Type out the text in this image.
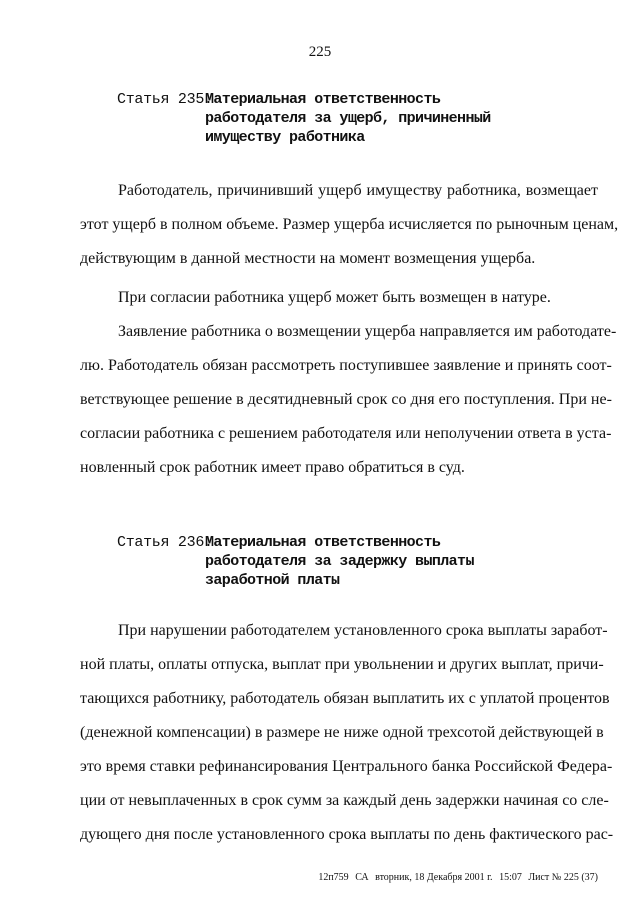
225
Статья 235.
Материальная ответственность
работодателя за ущерб, причиненный
имуществу работника
Работодатель, причинивший ущерб имуществу работника, возмещает
этот ущерб в полном объеме. Размер ущерба исчисляется по рыночным ценам,
действующим в данной местности на момент возмещения ущерба.
При согласии работника ущерб может быть возмещен в натуре.
Заявление работника о возмещении ущерба направляется им работодате-
лю. Работодатель обязан рассмотреть поступившее заявление и принять соот-
ветствующее решение в десятидневный срок со дня его поступления. При не-
согласии работника с решением работодателя или неполучении ответа в уста-
новленный срок работник имеет право обратиться в суд.
Статья 236.
Материальная ответственность
работодателя за задержку выплаты
заработной платы
При нарушении работодателем установленного срока выплаты заработ-
ной платы, оплаты отпуска, выплат при увольнении и других выплат, причи-
тающихся работнику, работодатель обязан выплатить их с уплатой процентов
(денежной компенсации) в размере не ниже одной трехсотой действующей в
это время ставки рефинансирования Центрального банка Российской Федера-
ции от невыплаченных в срок сумм за каждый день задержки начиная со сле-
дующего дня после установленного срока выплаты по день фактического рас-
12п759 СА вторник, 18 Декабря 2001 г. 15:07 Лист № 225 (37)
